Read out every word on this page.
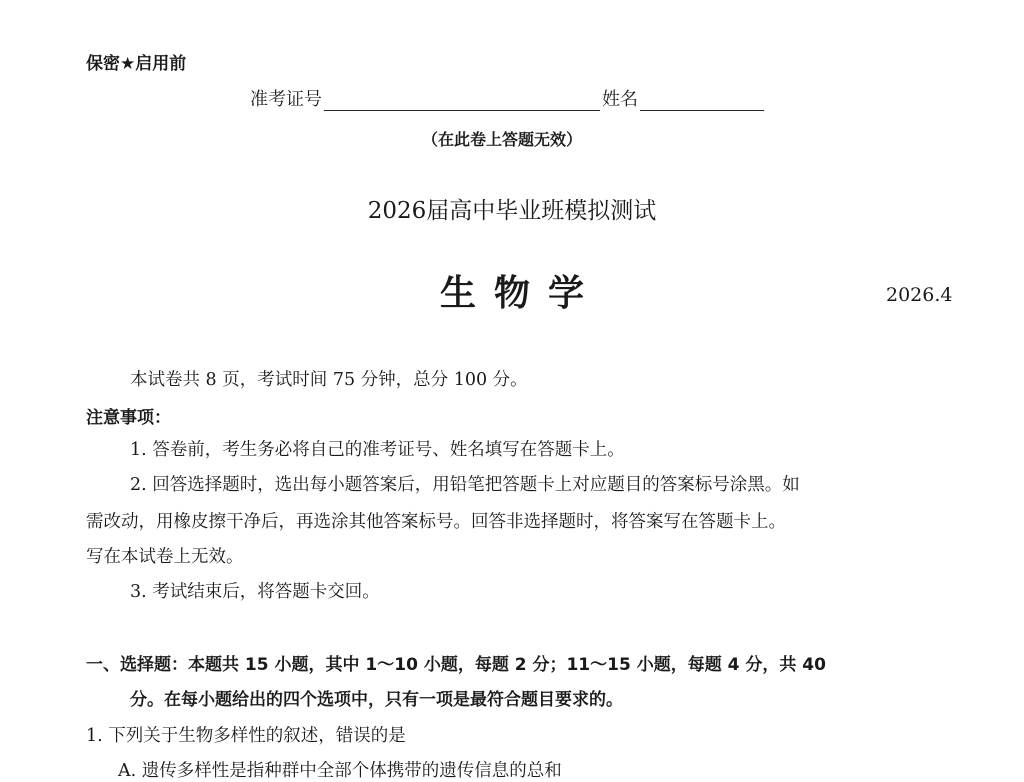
保密★启用前
准考证号	姓名
（在此卷上答题无效）
2026届高中毕业班模拟测试
生物学	2026.4
本试卷共 8 页，考试时间 75 分钟，总分 100 分。
注意事项：
1. 答卷前，考生务必将自己的准考证号、姓名填写在答题卡上。
2. 回答选择题时，选出每小题答案后，用铅笔把答题卡上对应题目的答案标号涂黑。如
需改动，用橡皮擦干净后，再选涂其他答案标号。回答非选择题时，将答案写在答题卡上。
写在本试卷上无效。
3. 考试结束后，将答题卡交回。
一、选择题：本题共 15 小题，其中 1～10 小题，每题 2 分；11～15 小题，每题 4 分，共 40
分。在每小题给出的四个选项中，只有一项是最符合题目要求的。
1. 下列关于生物多样性的叙述，错误的是
A. 遗传多样性是指种群中全部个体携带的遗传信息的总和
